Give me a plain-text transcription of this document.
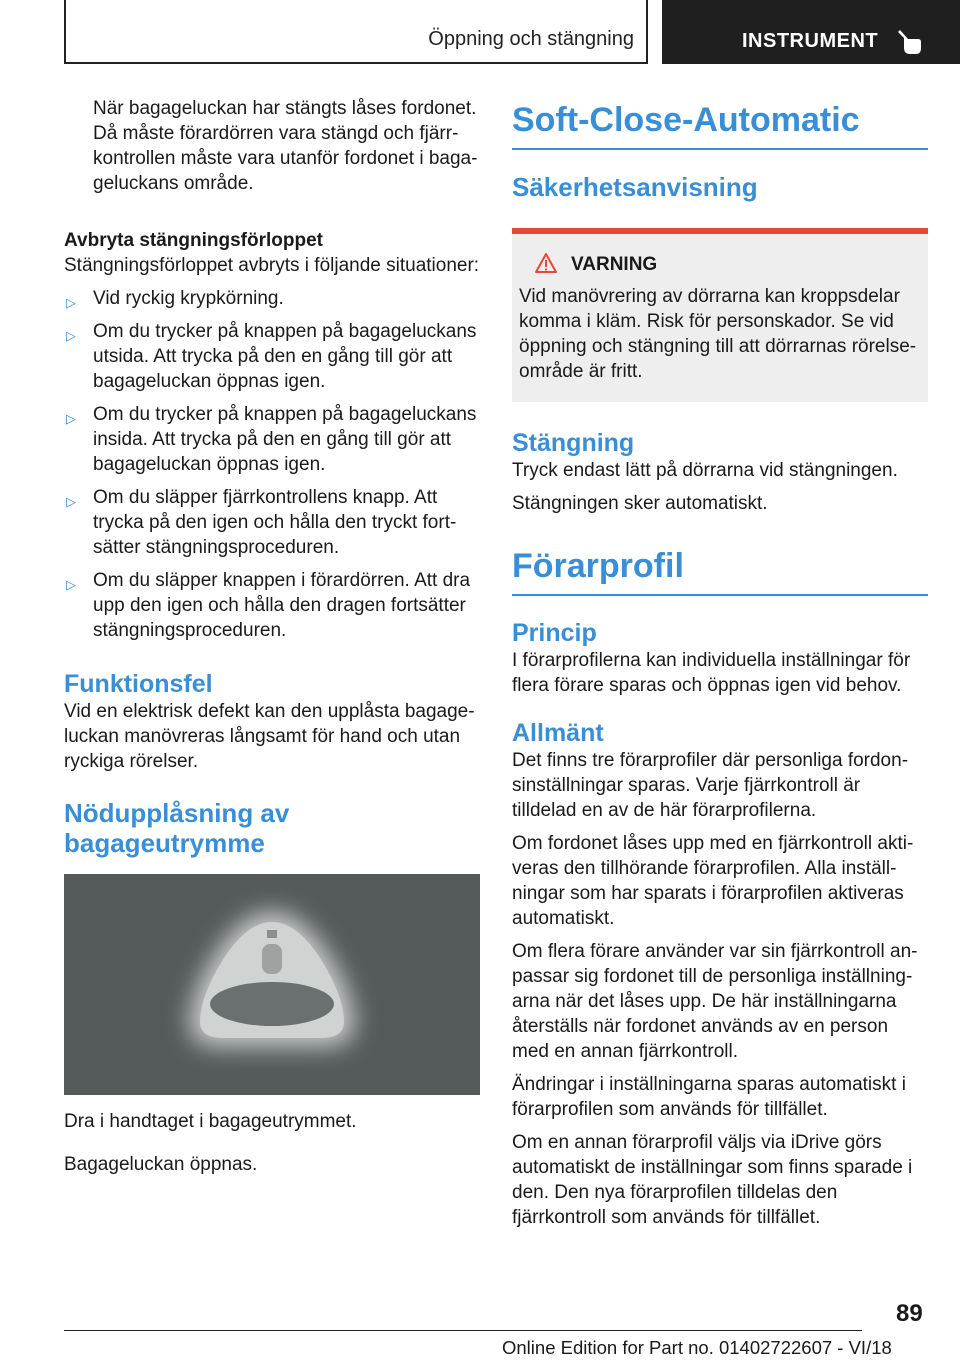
Öppning och stängning	INSTRUMENT

När bagageluckan har stängts låses fordonet. Då måste förardörren vara stängd och fjärrkontrollen måste vara utanför fordonet i bagageluckans område.

Avbryta stängningsförloppet

Stängningsförloppet avbryts i följande situationer:

▷ Vid ryckig krypkörning.
▷ Om du trycker på knappen på bagageluckans utsida. Att trycka på den en gång till gör att bagageluckan öppnas igen.
▷ Om du trycker på knappen på bagageluckans insida. Att trycka på den en gång till gör att bagageluckan öppnas igen.
▷ Om du släpper fjärrkontrollens knapp. Att trycka på den igen och hålla den tryckt fortsätter stängningsproceduren.
▷ Om du släpper knappen i förardörren. Att dra upp den igen och hålla den dragen fortsätter stängningsproceduren.
Funktionsfel

Vid en elektrisk defekt kan den upplåsta bagageluckan manövreras långsamt för hand och utan ryckiga rörelser.

Nödupplåsning av bagageutrymme

Dra i handtaget i bagageutrymmet.

Bagageluckan öppnas.

Soft-Close-Automatic
Säkerhetsanvisning

VARNING

Vid manövrering av dörrarna kan kroppsdelar komma i kläm. Risk för personskador. Se vid öppning och stängning till att dörrarnas rörelseområde är fritt.

Stängning

Tryck endast lätt på dörrarna vid stängningen.

Stängningen sker automatiskt.

Förarprofil
Princip

I förarprofilerna kan individuella inställningar för flera förare sparas och öppnas igen vid behov.

Allmänt

Det finns tre förarprofiler där personliga fordonsinställningar sparas. Varje fjärrkontroll är tilldelad en av de här förarprofilerna.

Om fordonet låses upp med en fjärrkontroll aktiveras den tillhörande förarprofilen. Alla inställningar som har sparats i förarprofilen aktiveras automatiskt.

Om flera förare använder var sin fjärrkontroll anpassar sig fordonet till de personliga inställningarna när det låses upp. De här inställningarna återställs när fordonet används av en person med en annan fjärrkontroll.

Ändringar i inställningarna sparas automatiskt i förarprofilen som används för tillfället.

Om en annan förarprofil väljs via iDrive görs automatiskt de inställningar som finns sparade i den. Den nya förarprofilen tilldelas den fjärrkontroll som används för tillfället.

89
Online Edition for Part no. 01402722607 - VI/18
